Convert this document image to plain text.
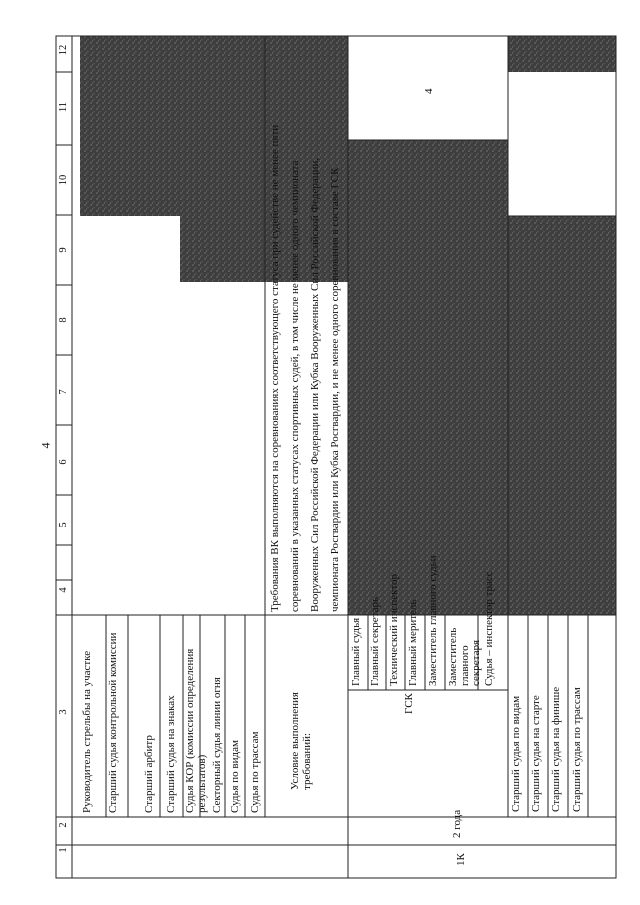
4
1
2
3
4
5
6
7
8
9
10
11
12
Руководитель стрельбы на участке Старший судья контрольной комиссии Старший арбитр Старший судья на знаках Судья КОР (комиссии определения результатов) Секторный судья линии огня Судья по видам Судья по трассам	Условие выполнения требований:
Требования ВК выполняются на соревнованиях соответствующего статуса при судействе не менее пяти соревнований в указанных статусах спортивных судей, в том числе не менее одного чемпионата Вооруженных Сил Российской Федерации или Кубка Вооруженных Сил Российской Федерации, чемпионата Росгвардии или Кубка Росгвардии, и не менее одного соревнования в составе ГСК
1К
2 года
ГСК
Главный судья Главный секретарь Технический инспектор Главный меритель Заместитель главного судьи Заместитель главного секретаря Судья – инспектор трасс
Старший судья по видам Старший судья на старте Старший судья на финише Старший судья по трассам
4
